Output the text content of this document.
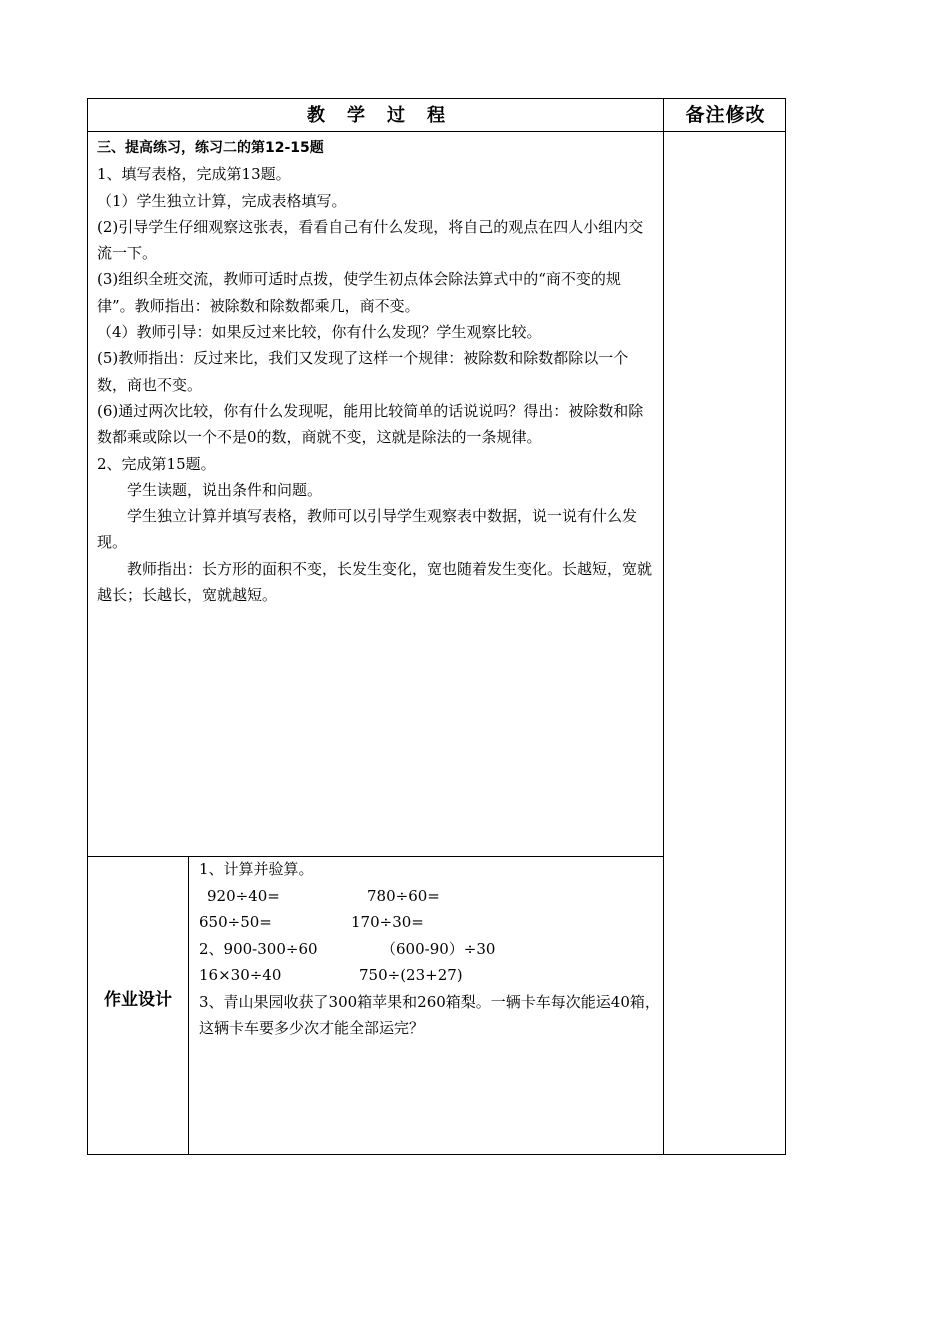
教学过程	备注修改

三、提高练习，练习二的第12-15题

1、填写表格，完成第13题。

（1）学生独立计算，完成表格填写。

(2)引导学生仔细观察这张表，看看自己有什么发现，将自己的观点在四人小组内交流一下。

(3)组织全班交流，教师可适时点拨，使学生初点体会除法算式中的“商不变的规律”。教师指出：被除数和除数都乘几，商不变。

（4）教师引导：如果反过来比较，你有什么发现？学生观察比较。

(5)教师指出：反过来比，我们又发现了这样一个规律：被除数和除数都除以一个数，商也不变。

(6)通过两次比较，你有什么发现呢，能用比较简单的话说说吗？得出：被除数和除数都乘或除以一个不是0的数，商就不变，这就是除法的一条规律。

2、完成第15题。

学生读题，说出条件和问题。

学生独立计算并填写表格，教师可以引导学生观察表中数据，说一说有什么发现。

教师指出：长方形的面积不变，长发生变化，宽也随着发生变化。长越短，宽就越长；长越长，宽就越短。

作业设计

1、计算并验算。

920÷40=	780÷60=

650÷50=	170÷30=

2、900-300÷60	（600-90）÷30

16×30÷40	750÷(23+27)

3、青山果园收获了300箱苹果和260箱梨。一辆卡车每次能运40箱，这辆卡车要多少次才能全部运完？
